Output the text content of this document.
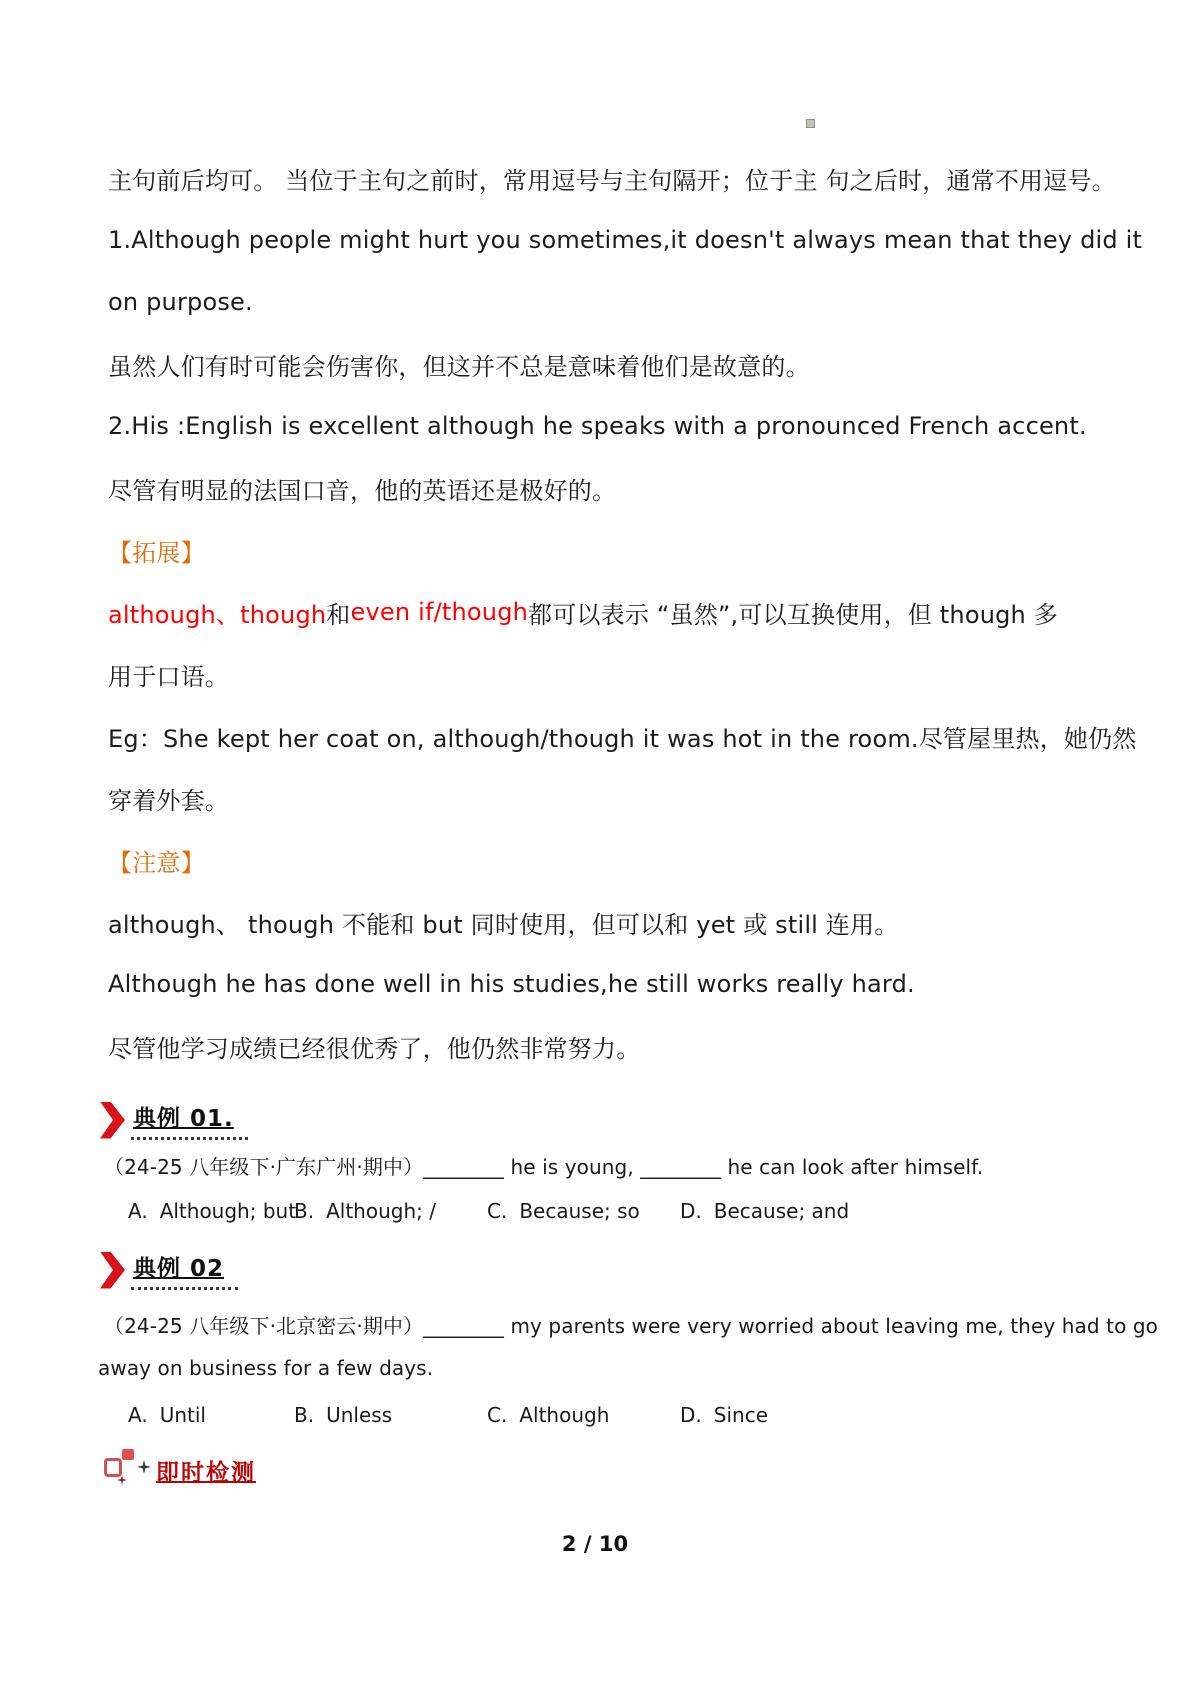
主句前后均可。 当位于主句之前时，常用逗号与主句隔开；位于主 句之后时，通常不用逗号。
1.Although people might hurt you sometimes,it doesn't always mean that they did it
on purpose.
虽然人们有时可能会伤害你，但这并不总是意味着他们是故意的。
2.His :English is excellent although he speaks with a pronounced French accent.
尽管有明显的法国口音，他的英语还是极好的。
【拓展】
although、though 和 even if/though 都可以表示 “虽然”,可以互换使用，但 though 多
用于口语。
Eg：She kept her coat on, although/though it was hot in the room.尽管屋里热，她仍然
穿着外套。
【注意】
although、 though 不能和 but 同时使用，但可以和 yet 或 still 连用。
Although he has done well in his studies,he still works really hard.
尽管他学习成绩已经很优秀了，他仍然非常努力。
典例 01.
（24-25 八年级下·广东广州·期中）________ he is young, ________ he can look after himself.
A. Although; but
B. Although; /	C. Because; so D. Because; and
典例 02
（24-25 八年级下·北京密云·期中）________ my parents were very worried about leaving me, they had to go
away on business for a few days.
A. Until	B. Unless	C. Although	D. Since
即时检测
2 / 10
